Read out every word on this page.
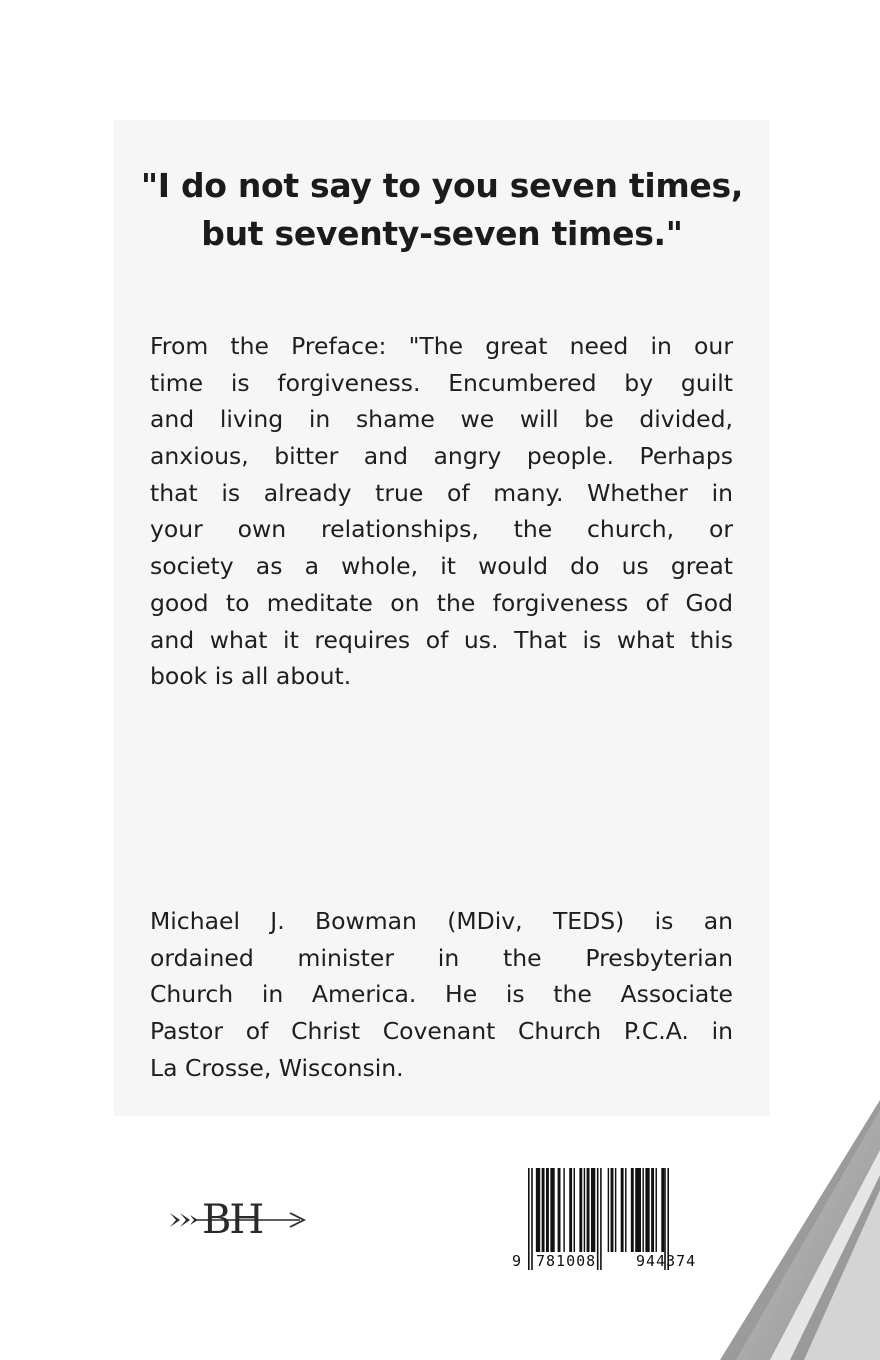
"I do not say to you seven times,
but seventy-seven times."
From the Preface: "The great need in our
time is forgiveness. Encumbered by guilt
and living in shame we will be divided,
anxious, bitter and angry people. Perhaps
that is already true of many. Whether in
your own relationships, the church, or
society as a whole, it would do us great
good to meditate on the forgiveness of God
and what it requires of us. That is what this
book is all about.
Michael J. Bowman (MDiv, TEDS) is an
ordained minister in the Presbyterian
Church in America. He is the Associate
Pastor of Christ Covenant Church P.C.A. in
La Crosse, Wisconsin.
BH
9 781008	944374
